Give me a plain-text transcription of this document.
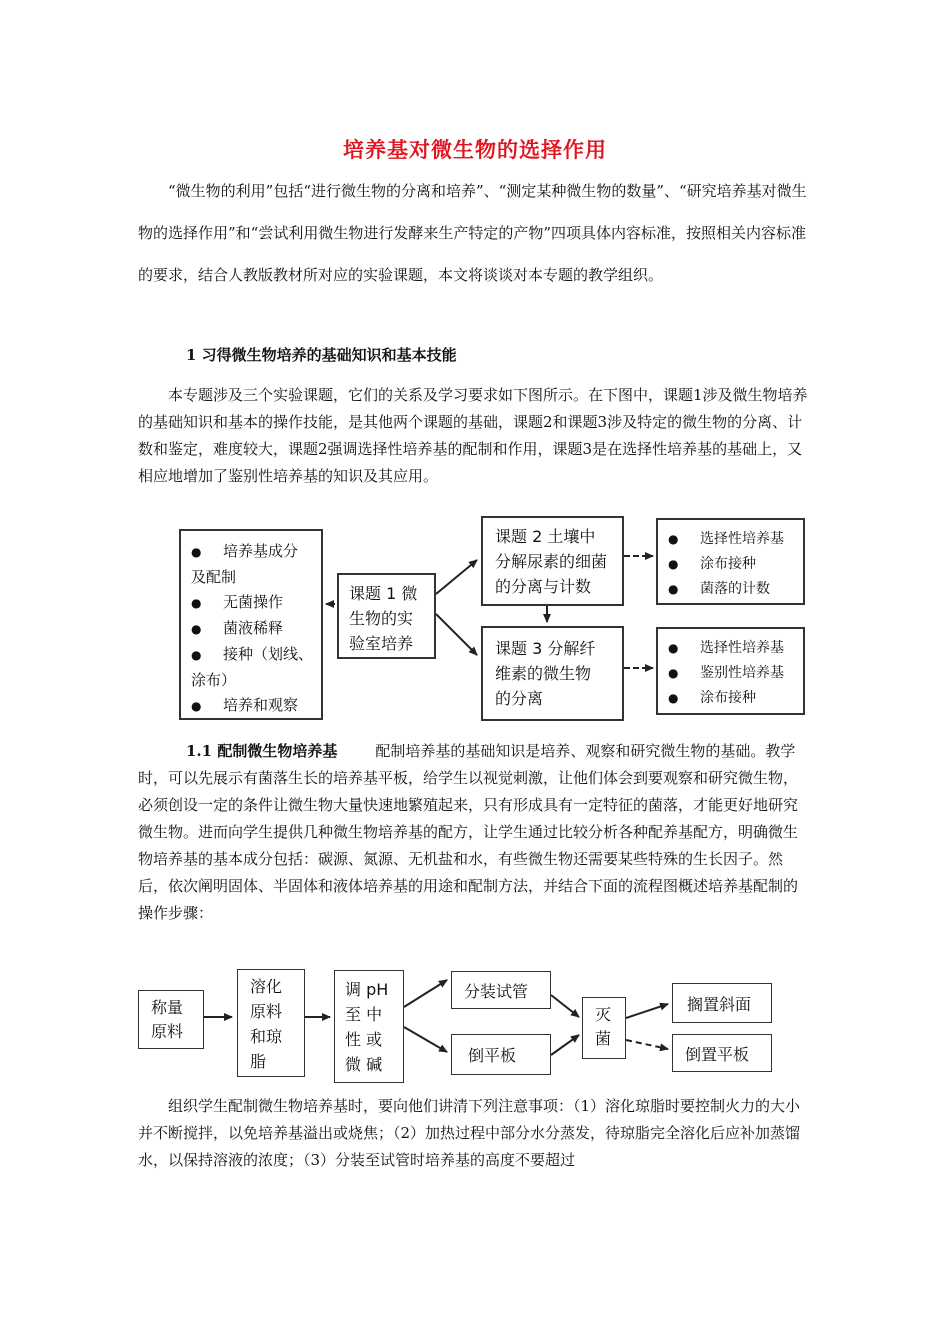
培养基对微生物的选择作用

“微生物的利用”包括“进行微生物的分离和培养”、“测定某种微生物的数量”、“研究培养基对微生物的选择作用”和“尝试利用微生物进行发酵来生产特定的产物”四项具体内容标准，按照相关内容标准的要求，结合人教版教材所对应的实验课题，本文将谈谈对本专题的教学组织。

1 习得微生物培养的基础知识和基本技能

本专题涉及三个实验课题，它们的关系及学习要求如下图所示。在下图中，课题1涉及微生物培养的基础知识和基本的操作技能，是其他两个课题的基础，课题2和课题3涉及特定的微生物的分离、计数和鉴定，难度较大，课题2强调选择性培养基的配制和作用，课题3是在选择性培养基的基础上，又相应地增加了鉴别性培养基的知识及其应用。

● 培养基成分
及配制
● 无菌操作
● 菌液稀释
● 接种（划线、
涂布）
● 培养和观察
课题 1 微
生物的实
验室培养
课题 2 土壤中
分解尿素的细菌
的分离与计数
课题 3 分解纤
维素的微生物
的分离
● 选择性培养基
● 涂布接种
● 菌落的计数
● 选择性培养基
● 鉴别性培养基
● 涂布接种

1.1 配制微生物培养基	配制培养基的基础知识是培养、观察和研究微生物的基础。教学时，可以先展示有菌落生长的培养基平板，给学生以视觉刺激，让他们体会到要观察和研究微生物，必须创设一定的条件让微生物大量快速地繁殖起来，只有形成具有一定特征的菌落，才能更好地研究微生物。进而向学生提供几种微生物培养基的配方，让学生通过比较分析各种配养基配方，明确微生物培养基的基本成分包括：碳源、氮源、无机盐和水，有些微生物还需要某些特殊的生长因子。然后，依次阐明固体、半固体和液体培养基的用途和配制方法，并结合下面的流程图概述培养基配制的操作步骤：

称量
原料
溶化
原料
和琼
脂
调 pH
至 中
性 或
微 碱
分装试管
倒平板
灭
菌
搁置斜面
倒置平板

组织学生配制微生物培养基时，要向他们讲清下列注意事项：（1）溶化琼脂时要控制火力的大小并不断搅拌，以免培养基溢出或烧焦；（2）加热过程中部分水分蒸发，待琼脂完全溶化后应补加蒸馏水，以保持溶液的浓度；（3）分装至试管时培养基的高度不要超过
